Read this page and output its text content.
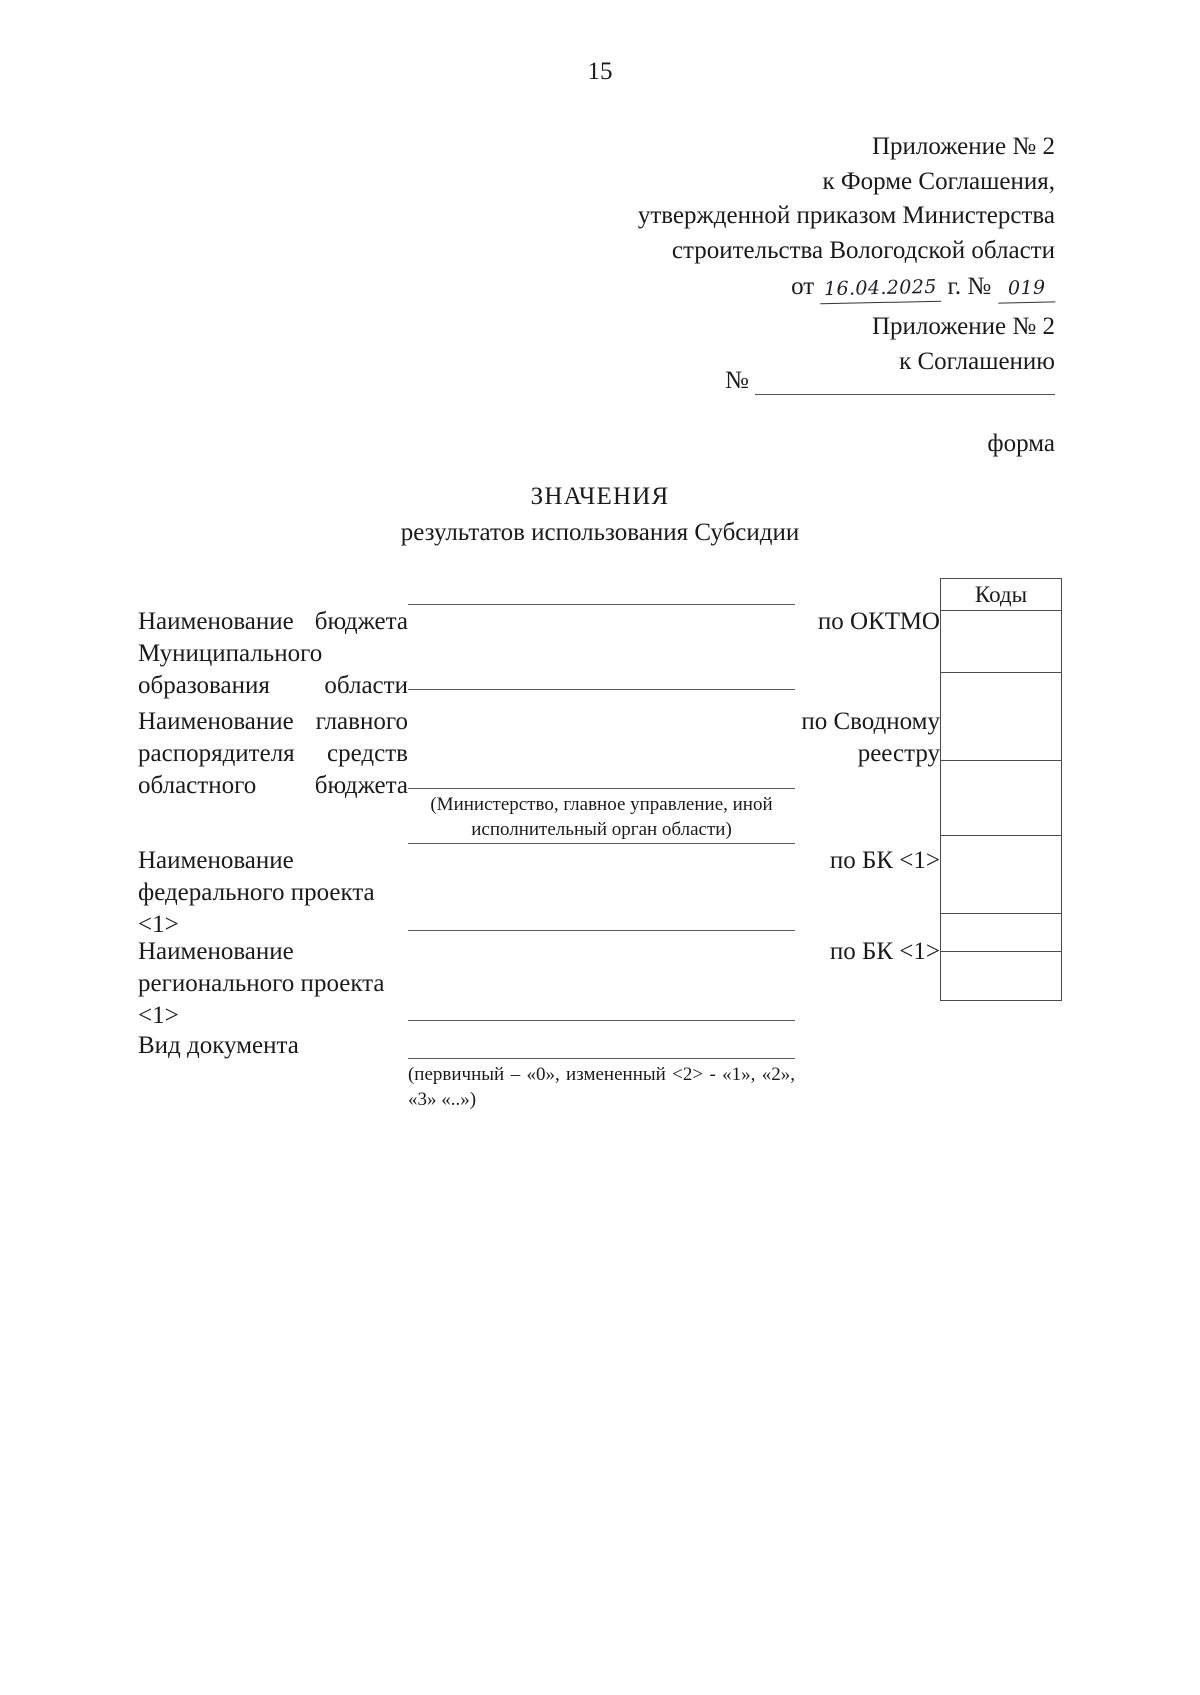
15
Приложение № 2
к Форме Соглашения,
утвержденной приказом Министерства
строительства Вологодской области
от 16.04.2025 г. № 019
Приложение № 2
к Соглашению
№
форма
ЗНАЧЕНИЯ
результатов использования Субсидии
Коды
Наименование бюджета Муниципального образования области
по ОКТМО
Наименование главного распорядителя средств областного бюджета
(Министерство, главное управление, иной исполнительный орган области)
по Сводному реестру
Наименование федерального проекта <1>
по БК <1>
Наименование регионального проекта <1>
по БК <1>
Вид документа
(первичный – «0», измененный <2> - «1», «2», «3» «..»)
